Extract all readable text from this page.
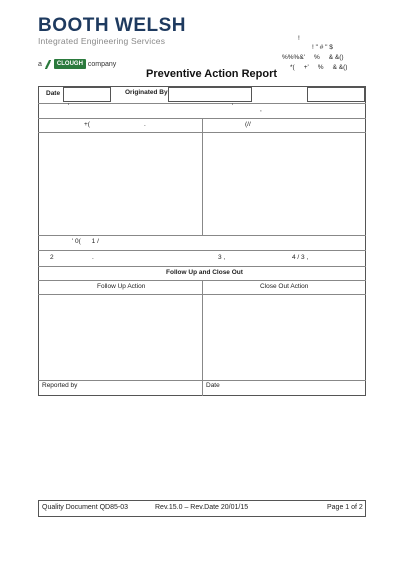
BOOTH WELSH
Integrated Engineering Services
a	CLOUGH company
!
! " # " $
%%%&'     %     & &()
*(     +'     %     & &()
Preventive Action Report
Date	Originated By
'	'	,
+(	.	(//
' 0(      1 /
2	.	3 ,	4 / 3 ,
Follow Up and Close Out
Follow Up Action	Close Out Action
Reported by	Date
Quality Document QD85-03	Rev.15.0 – Rev.Date 20/01/15	Page 1 of 2
